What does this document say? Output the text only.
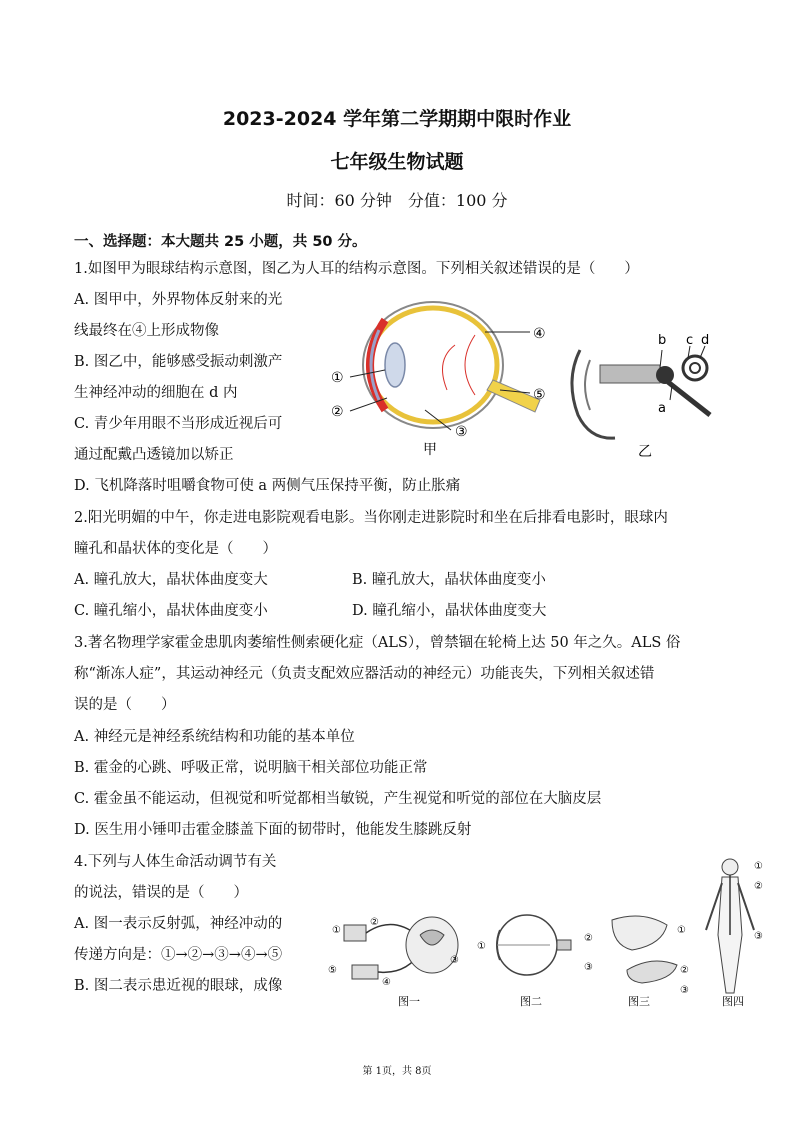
2023-2024 学年第二学期期中限时作业
七年级生物试题
时间：60 分钟　分值：100 分
一、选择题：本大题共 25 小题，共 50 分。
1.如图甲为眼球结构示意图，图乙为人耳的结构示意图。下列相关叙述错误的是（　　）
A. 图甲中，外界物体反射来的光
线最终在④上形成物像
B. 图乙中，能够感受振动刺激产
生神经冲动的细胞在 d 内
C. 青少年用眼不当形成近视后可
通过配戴凸透镜加以矫正
D. 飞机降落时咀嚼食物可使 a 两侧气压保持平衡，防止胀痛
①
②
③
④
⑤
甲
b c d
a
乙
2.阳光明媚的中午，你走进电影院观看电影。当你刚走进影院时和坐在后排看电影时，眼球内
瞳孔和晶状体的变化是（　　）
A. 瞳孔放大，晶状体曲度变大	B. 瞳孔放大，晶状体曲度变小
C. 瞳孔缩小，晶状体曲度变小	D. 瞳孔缩小，晶状体曲度变大
3.著名物理学家霍金患肌肉萎缩性侧索硬化症（ALS），曾禁锢在轮椅上达 50 年之久。ALS 俗
称“渐冻人症”，其运动神经元（负责支配效应器活动的神经元）功能丧失，下列相关叙述错
误的是（　　）
A. 神经元是神经系统结构和功能的基本单位
B. 霍金的心跳、呼吸正常，说明脑干相关部位功能正常
C. 霍金虽不能运动，但视觉和听觉都相当敏锐，产生视觉和听觉的部位在大脑皮层
D. 医生用小锤叩击霍金膝盖下面的韧带时，他能发生膝跳反射
4.下列与人体生命活动调节有关
的说法，错误的是（　　）
A. 图一表示反射弧，神经冲动的
传递方向是：①→②→③→④→⑤
B. 图二表示患近视的眼球，成像
②
③
④
⑤
①
图一
①
②
③
图二
①
②
③
图三
①
②
③
图四
第 1页，共 8页
